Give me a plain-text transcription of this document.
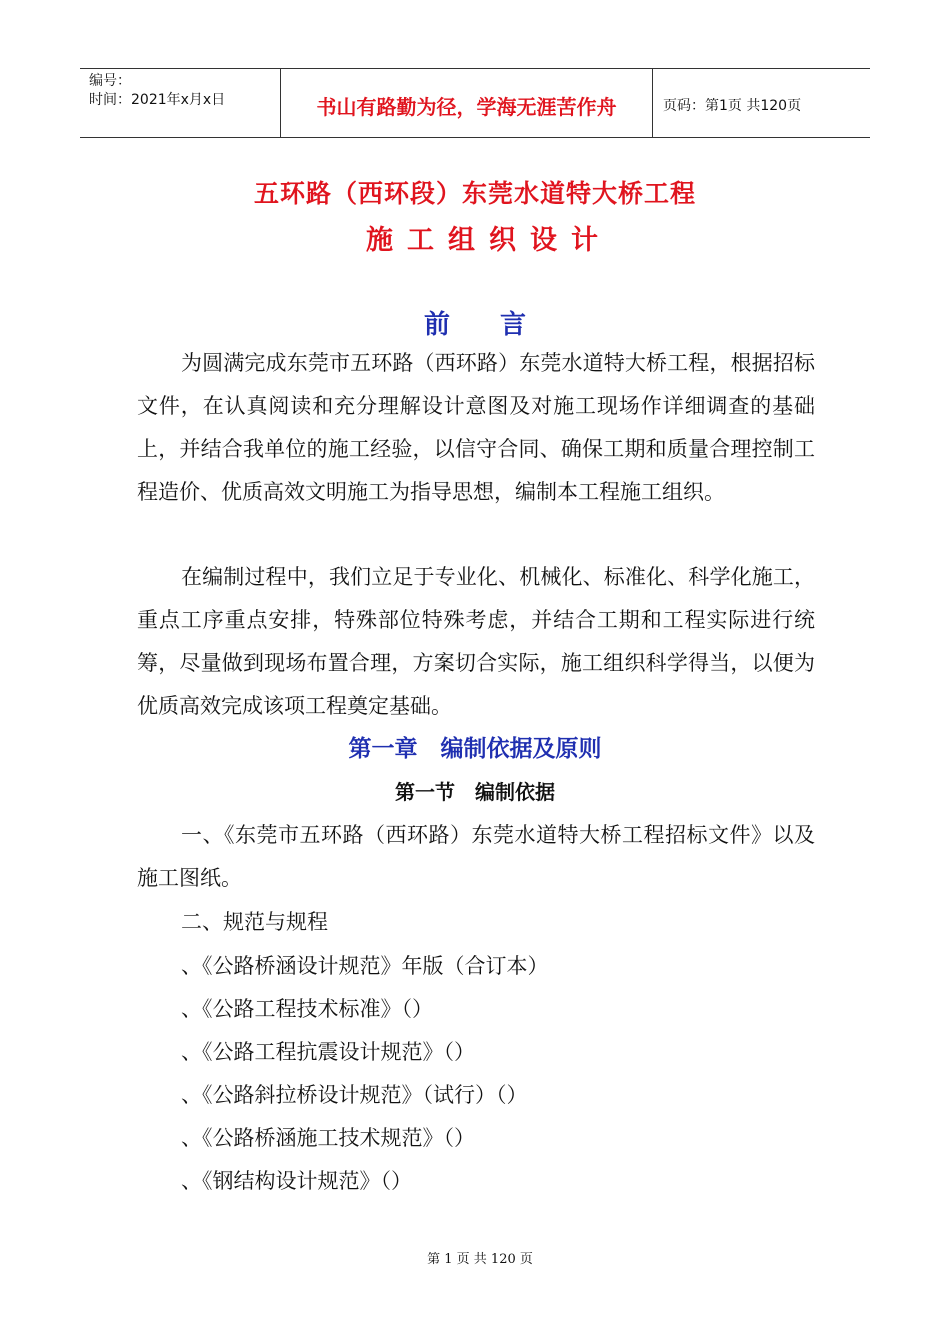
编号：
时间：2021年x月x日	书山有路勤为径，学海无涯苦作舟	页码：第1页 共120页
五环路（西环段）东莞水道特大桥工程
施工组织设计
前言
为圆满完成东莞市五环路（西环路）东莞水道特大桥工程，根据招标文件，在认真阅读和充分理解设计意图及对施工现场作详细调查的基础上，并结合我单位的施工经验，以信守合同、确保工期和质量合理控制工程造价、优质高效文明施工为指导思想，编制本工程施工组织。
在编制过程中，我们立足于专业化、机械化、标准化、科学化施工，重点工序重点安排，特殊部位特殊考虑，并结合工期和工程实际进行统筹，尽量做到现场布置合理，方案切合实际，施工组织科学得当，以便为优质高效完成该项工程奠定基础。
第一章　编制依据及原则
第一节　编制依据
一、《东莞市五环路（西环路）东莞水道特大桥工程招标文件》以及施工图纸。
二、规范与规程
、《公路桥涵设计规范》年版（合订本）
、《公路工程技术标准》（）
、《公路工程抗震设计规范》（）
、《公路斜拉桥设计规范》（试行）（）
、《公路桥涵施工技术规范》（）
、《钢结构设计规范》（）
第 1 页 共 120 页
